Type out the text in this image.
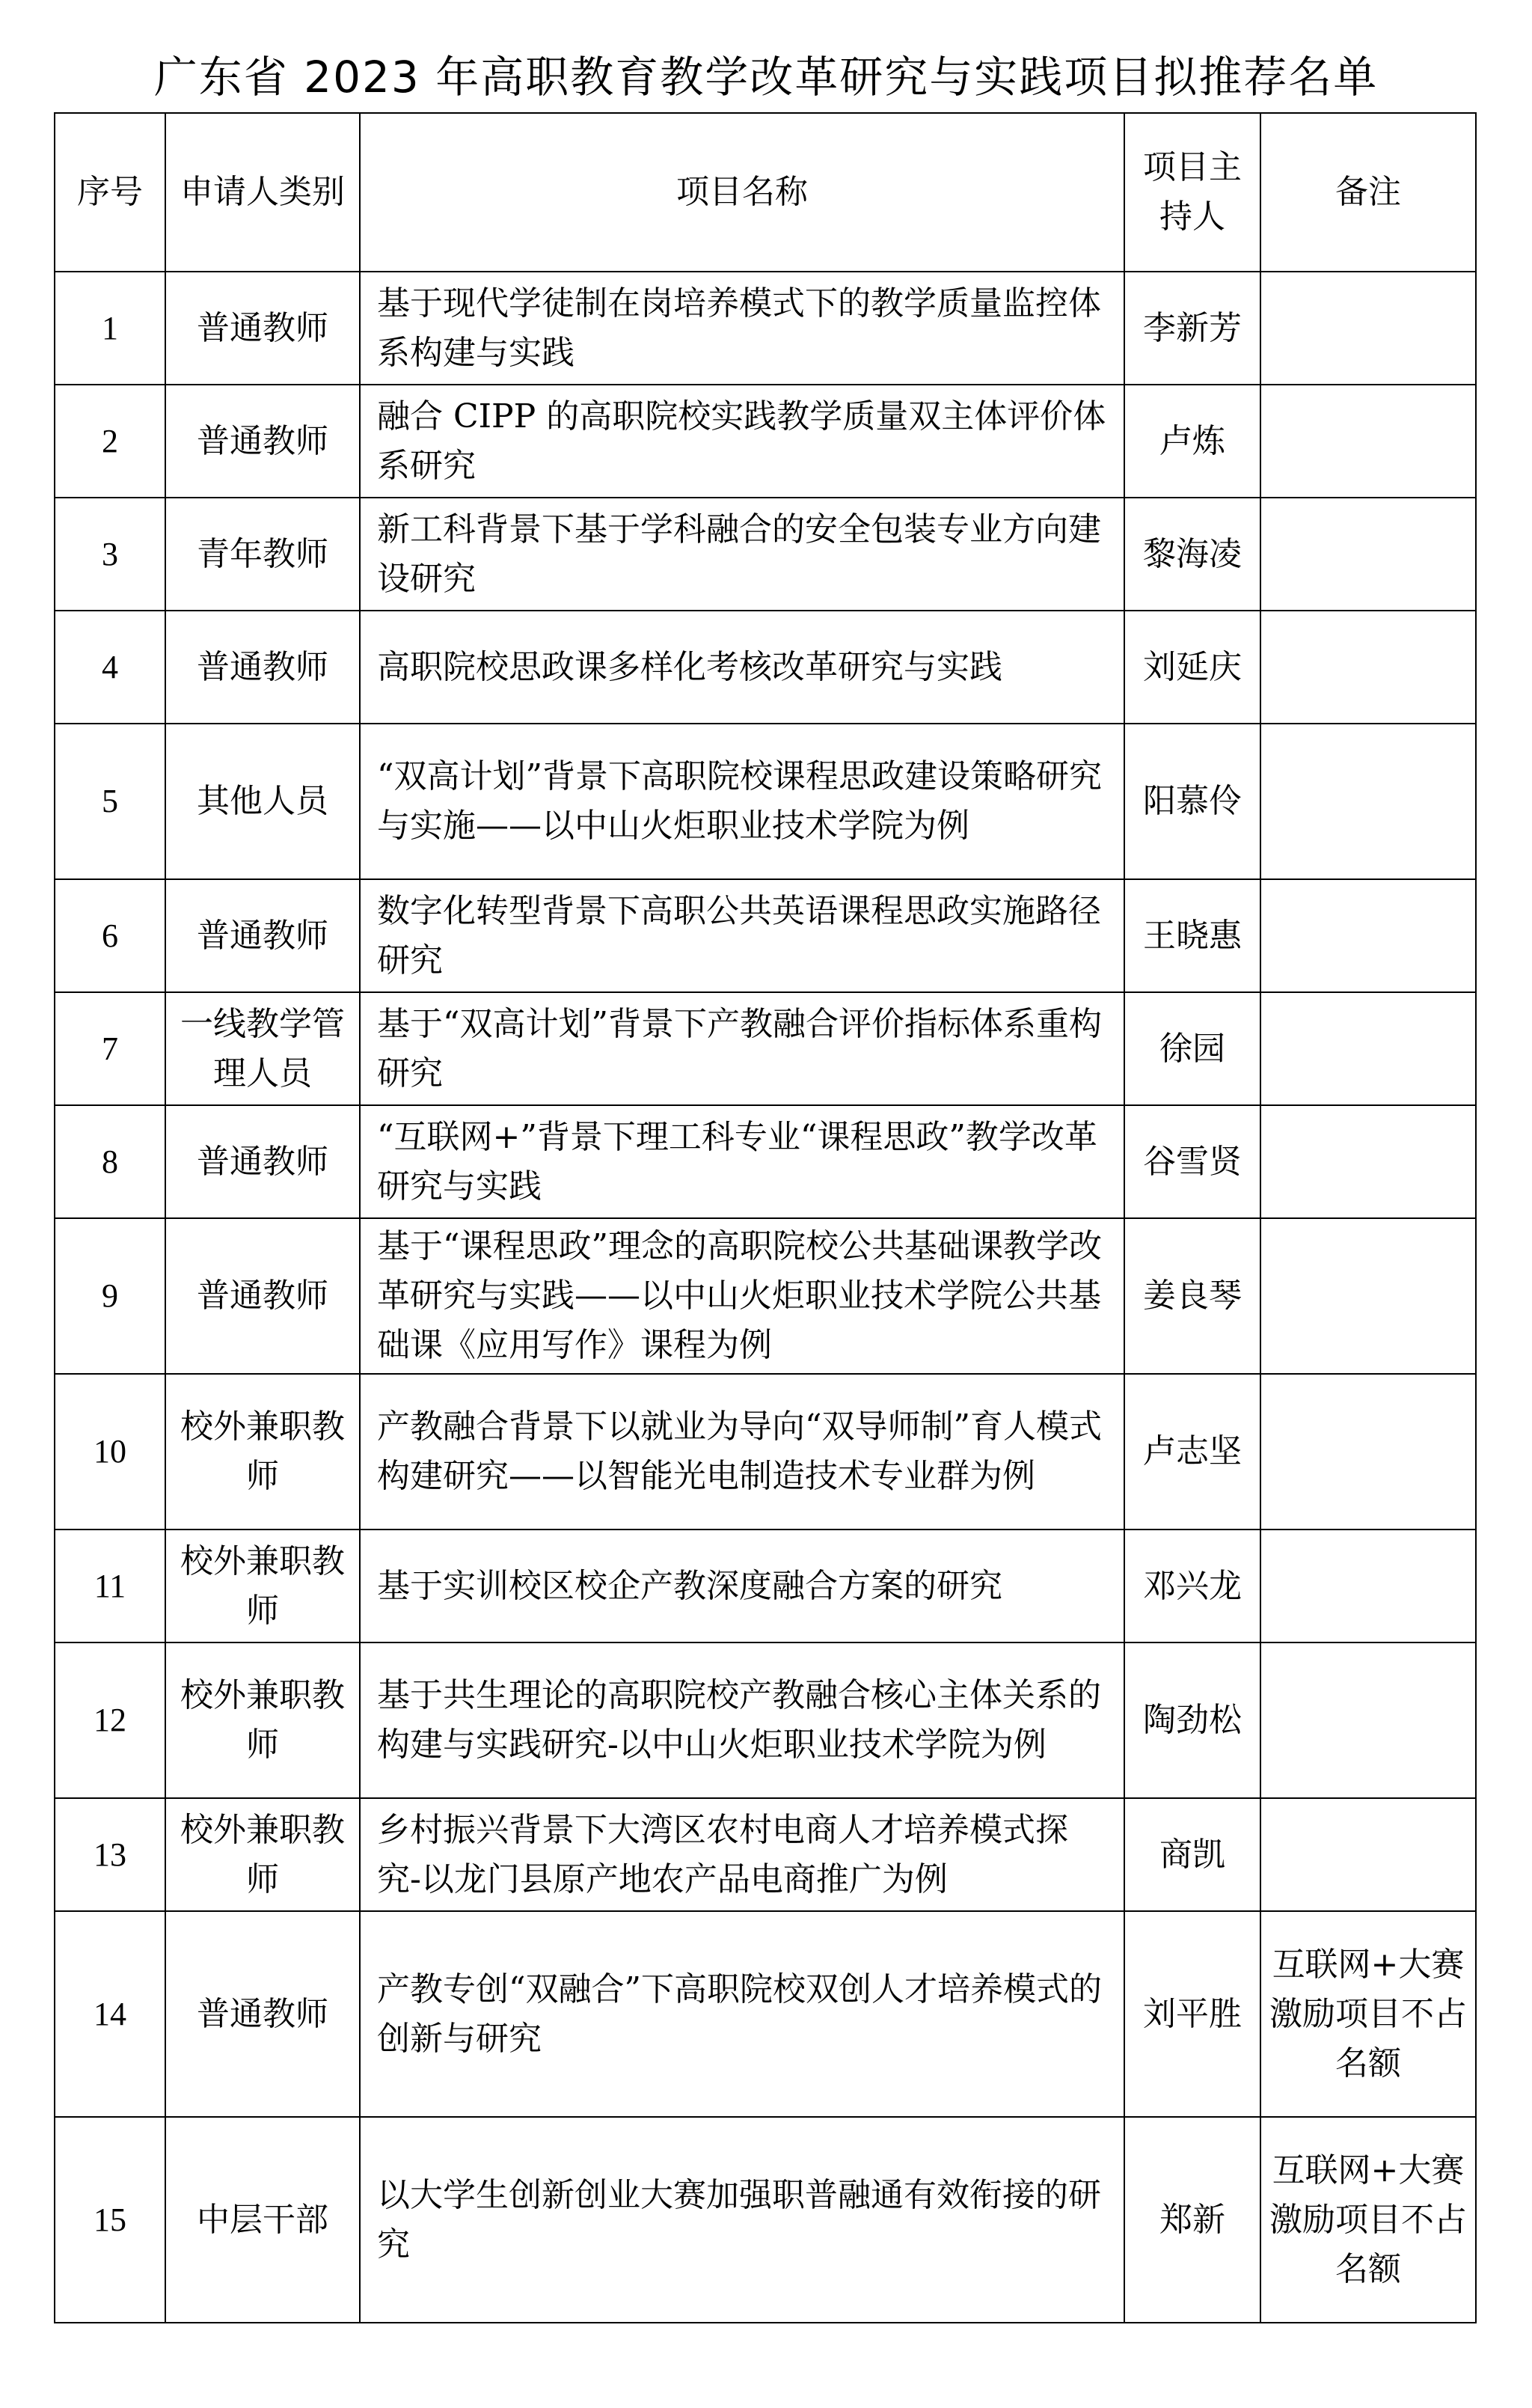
广东省 2023 年高职教育教学改革研究与实践项目拟推荐名单
序号	申请人类别	项目名称	项目主持人	备注
1	普通教师	基于现代学徒制在岗培养模式下的教学质量监控体系构建与实践	李新芳	
2	普通教师	融合 CIPP 的高职院校实践教学质量双主体评价体系研究	卢炼	
3	青年教师	新工科背景下基于学科融合的安全包装专业方向建设研究	黎海凌	
4	普通教师	高职院校思政课多样化考核改革研究与实践	刘延庆	
5	其他人员	“双高计划”背景下高职院校课程思政建设策略研究与实施——以中山火炬职业技术学院为例	阳慕伶	
6	普通教师	数字化转型背景下高职公共英语课程思政实施路径研究	王晓惠	
7	一线教学管理人员	基于“双高计划”背景下产教融合评价指标体系重构研究	徐园	
8	普通教师	“互联网+”背景下理工科专业“课程思政”教学改革研究与实践	谷雪贤	
9	普通教师	基于“课程思政”理念的高职院校公共基础课教学改革研究与实践——以中山火炬职业技术学院公共基础课《应用写作》课程为例	姜良琴	
10	校外兼职教师	产教融合背景下以就业为导向“双导师制”育人模式构建研究——以智能光电制造技术专业群为例	卢志坚	
11	校外兼职教师	基于实训校区校企产教深度融合方案的研究	邓兴龙	
12	校外兼职教师	基于共生理论的高职院校产教融合核心主体关系的构建与实践研究-以中山火炬职业技术学院为例	陶劲松	
13	校外兼职教师	乡村振兴背景下大湾区农村电商人才培养模式探究-以龙门县原产地农产品电商推广为例	商凯	
14	普通教师	产教专创“双融合”下高职院校双创人才培养模式的创新与研究	刘平胜	互联网+大赛激励项目不占名额
15	中层干部	以大学生创新创业大赛加强职普融通有效衔接的研究	郑新	互联网+大赛激励项目不占名额
